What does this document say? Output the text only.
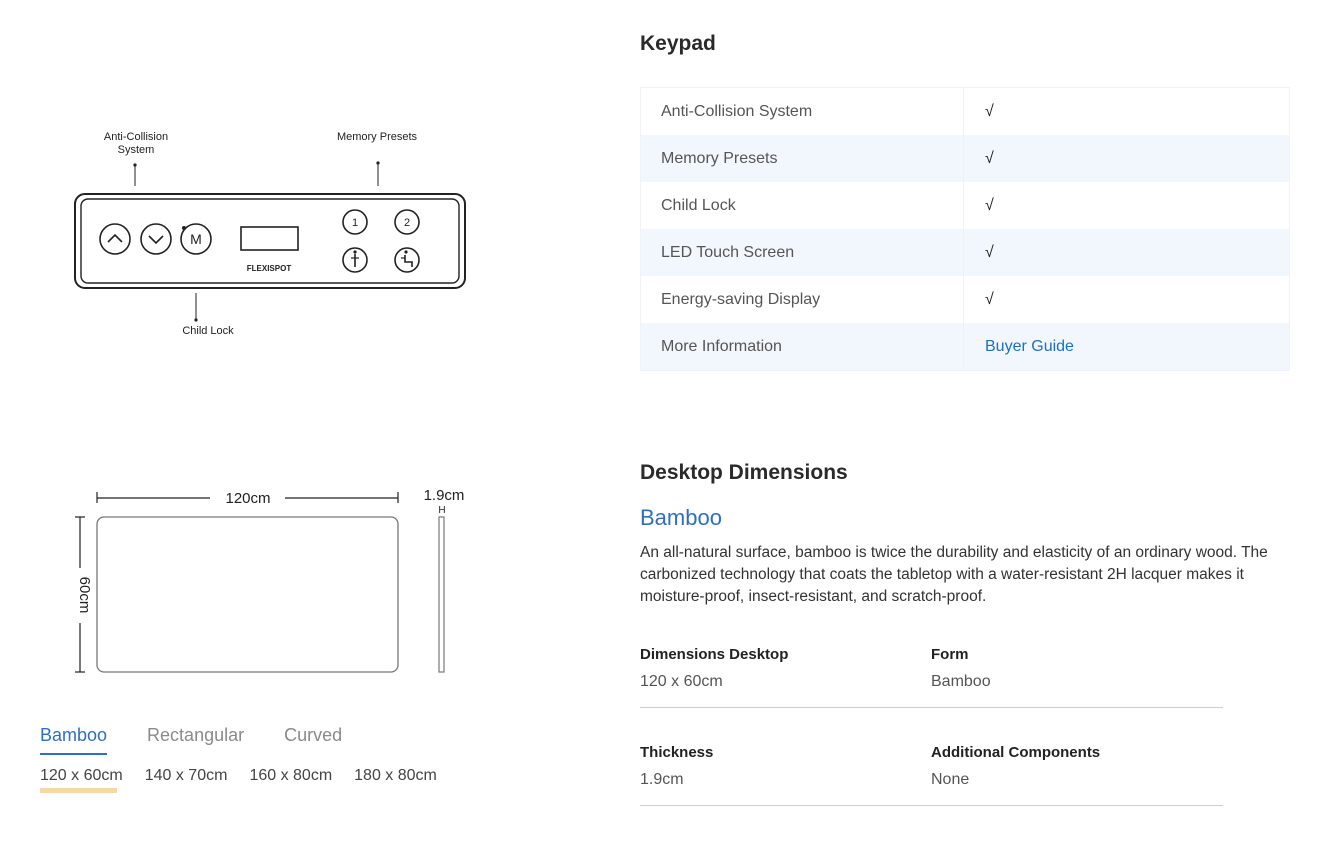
Anti-Collision System
Memory Presets
Child Lock
M
FLEXISPOT
1	2
Keypad
Anti-Collision System	√
Memory Presets	√
Child Lock	√
LED Touch Screen	√
Energy-saving Display	√
More Information	Buyer Guide
120cm	1.9cm
H
60cm
Bamboo Rectangular Curved
120 x 60cm 140 x 70cm 160 x 80cm 180 x 80cm
Desktop Dimensions
Bamboo
An all-natural surface, bamboo is twice the durability and elasticity of an ordinary wood. The carbonized technology that coats the tabletop with a water-resistant 2H lacquer makes it moisture-proof, insect-resistant, and scratch-proof.
Dimensions Desktop
120 x 60cm
Form
Bamboo
Thickness
1.9cm
Additional Components
None
